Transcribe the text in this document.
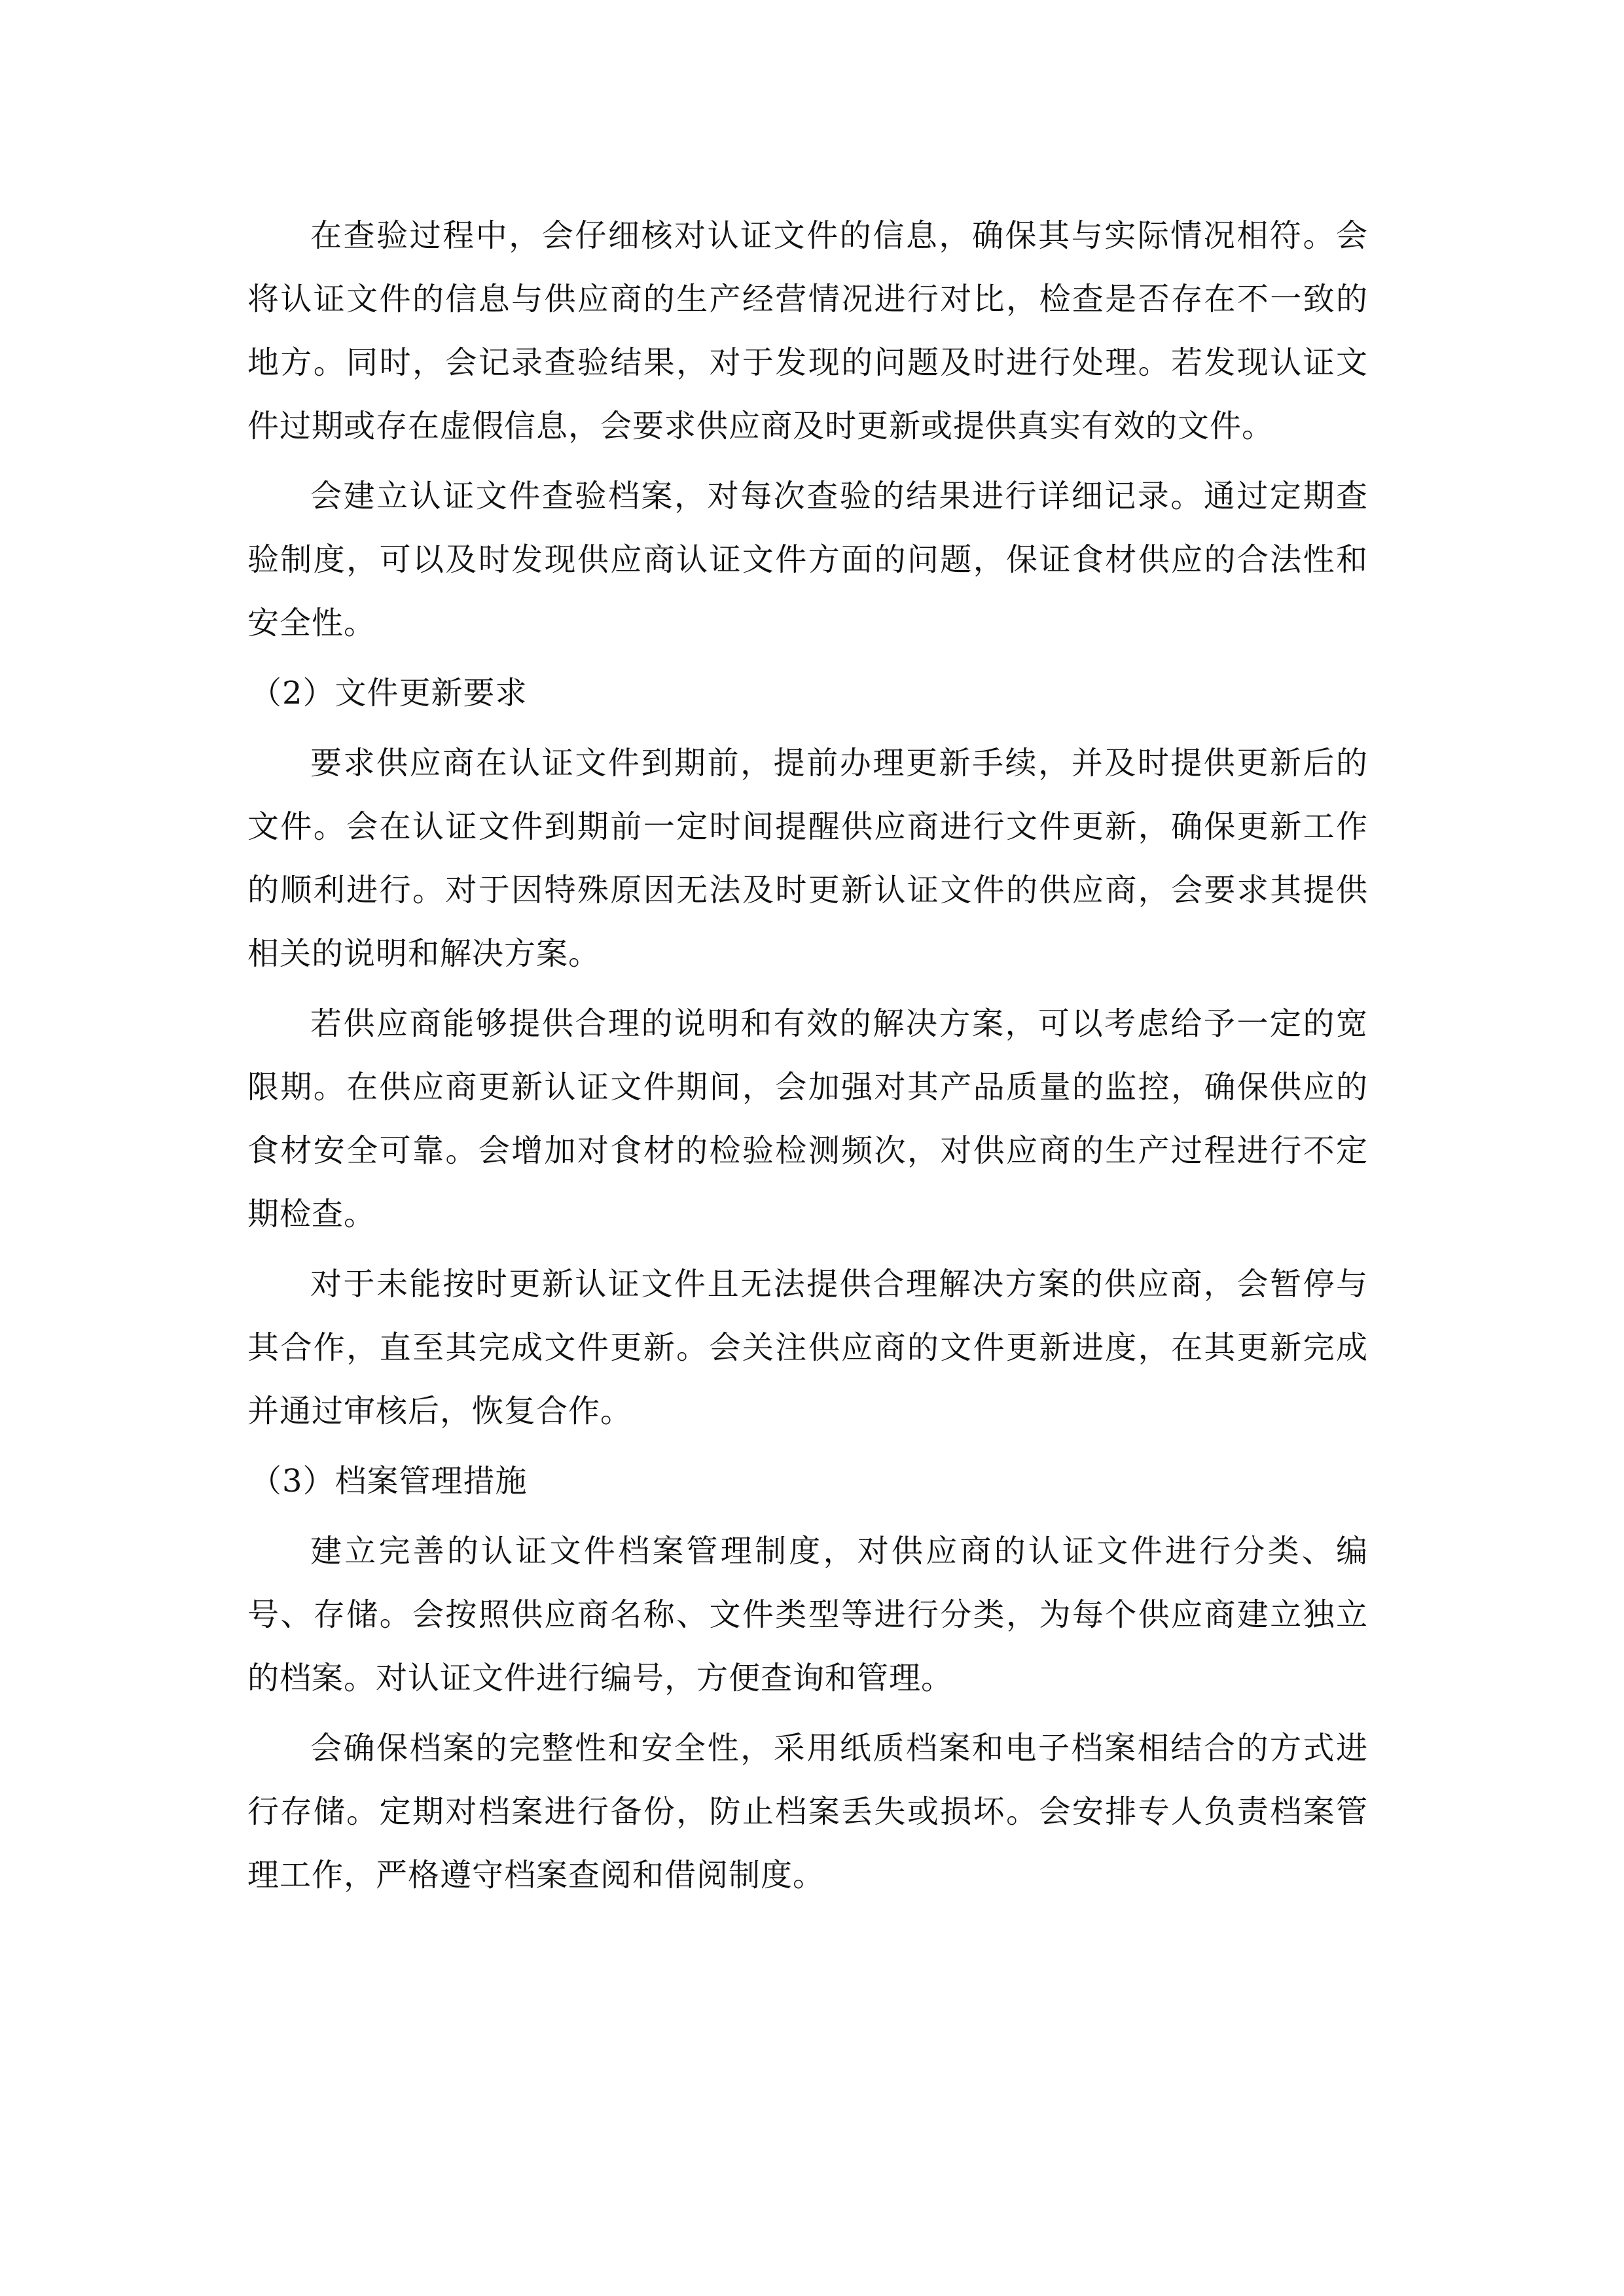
在查验过程中，会仔细核对认证文件的信息，确保其与实际情况相符。会将认证文件的信息与供应商的生产经营情况进行对比，检查是否存在不一致的地方。同时，会记录查验结果，对于发现的问题及时进行处理。若发现认证文件过期或存在虚假信息，会要求供应商及时更新或提供真实有效的文件。

会建立认证文件查验档案，对每次查验的结果进行详细记录。通过定期查验制度，可以及时发现供应商认证文件方面的问题，保证食材供应的合法性和安全性。

（2）文件更新要求

要求供应商在认证文件到期前，提前办理更新手续，并及时提供更新后的文件。会在认证文件到期前一定时间提醒供应商进行文件更新，确保更新工作的顺利进行。对于因特殊原因无法及时更新认证文件的供应商，会要求其提供相关的说明和解决方案。

若供应商能够提供合理的说明和有效的解决方案，可以考虑给予一定的宽限期。在供应商更新认证文件期间，会加强对其产品质量的监控，确保供应的食材安全可靠。会增加对食材的检验检测频次，对供应商的生产过程进行不定期检查。

对于未能按时更新认证文件且无法提供合理解决方案的供应商，会暂停与其合作，直至其完成文件更新。会关注供应商的文件更新进度，在其更新完成并通过审核后，恢复合作。

（3）档案管理措施

建立完善的认证文件档案管理制度，对供应商的认证文件进行分类、编号、存储。会按照供应商名称、文件类型等进行分类，为每个供应商建立独立的档案。对认证文件进行编号，方便查询和管理。

会确保档案的完整性和安全性，采用纸质档案和电子档案相结合的方式进行存储。定期对档案进行备份，防止档案丢失或损坏。会安排专人负责档案管理工作，严格遵守档案查阅和借阅制度。
